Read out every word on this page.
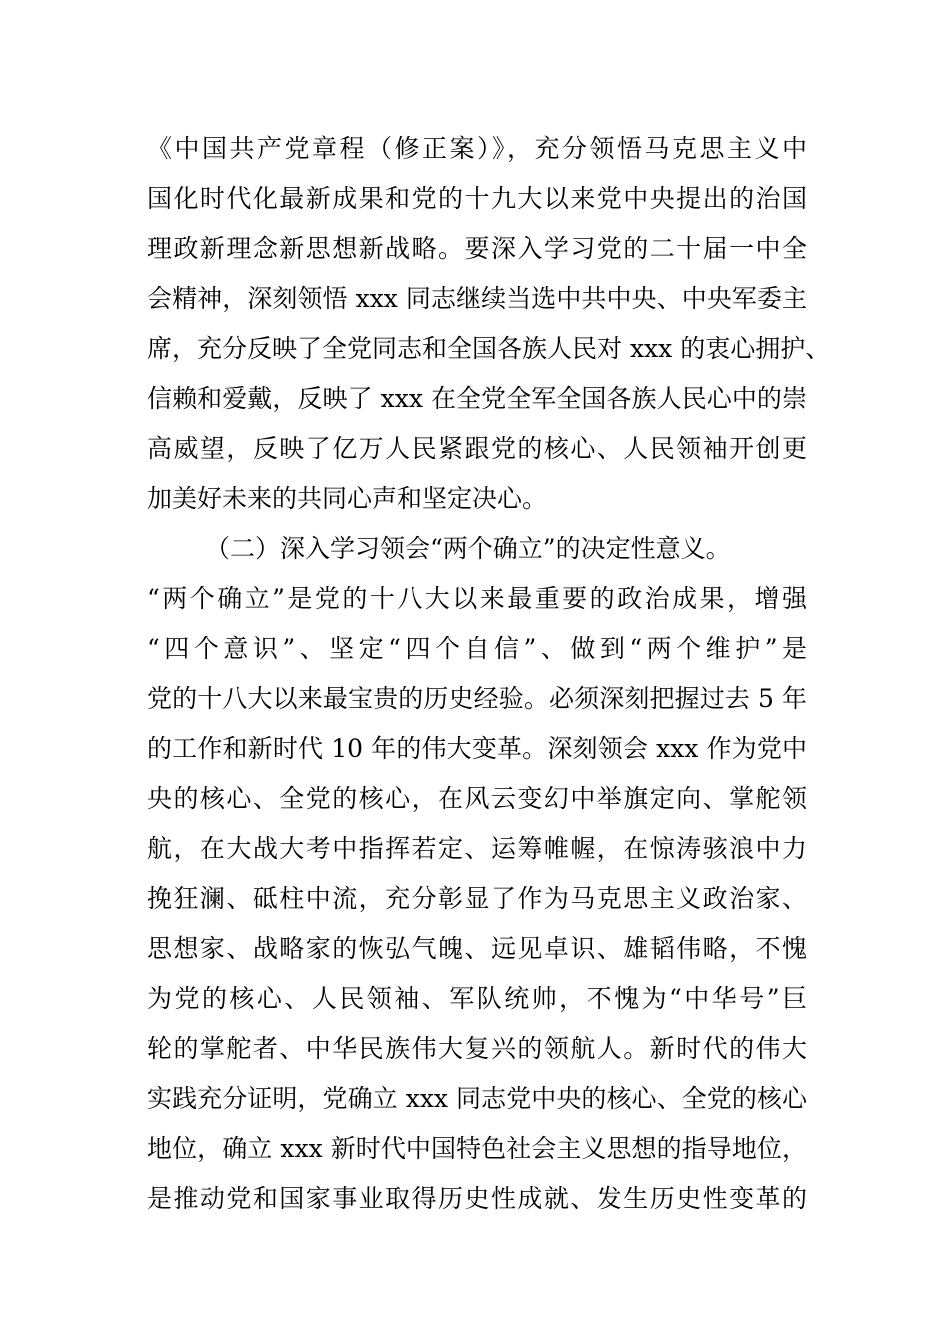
《中国共产党章程（修正案）》，充分领悟马克思主义中
国化时代化最新成果和党的十九大以来党中央提出的治国
理政新理念新思想新战略。要深入学习党的二十届一中全
会精神，深刻领悟 xxx 同志继续当选中共中央、中央军委主
席，充分反映了全党同志和全国各族人民对 xxx 的衷心拥护、
信赖和爱戴，反映了 xxx 在全党全军全国各族人民心中的崇
高威望，反映了亿万人民紧跟党的核心、人民领袖开创更
加美好未来的共同心声和坚定决心。
（二）深入学习领会“两个确立”的决定性意义。
“两个确立”是党的十八大以来最重要的政治成果，增强
“四个意识”、坚定“四个自信”、做到“两个维护”是
党的十八大以来最宝贵的历史经验。必须深刻把握过去 5 年
的工作和新时代 10 年的伟大变革。深刻领会 xxx 作为党中
央的核心、全党的核心，在风云变幻中举旗定向、掌舵领
航，在大战大考中指挥若定、运筹帷幄，在惊涛骇浪中力
挽狂澜、砥柱中流，充分彰显了作为马克思主义政治家、
思想家、战略家的恢弘气魄、远见卓识、雄韬伟略，不愧
为党的核心、人民领袖、军队统帅，不愧为“中华号”巨
轮的掌舵者、中华民族伟大复兴的领航人。新时代的伟大
实践充分证明，党确立 xxx 同志党中央的核心、全党的核心
地位，确立 xxx 新时代中国特色社会主义思想的指导地位，
是推动党和国家事业取得历史性成就、发生历史性变革的
